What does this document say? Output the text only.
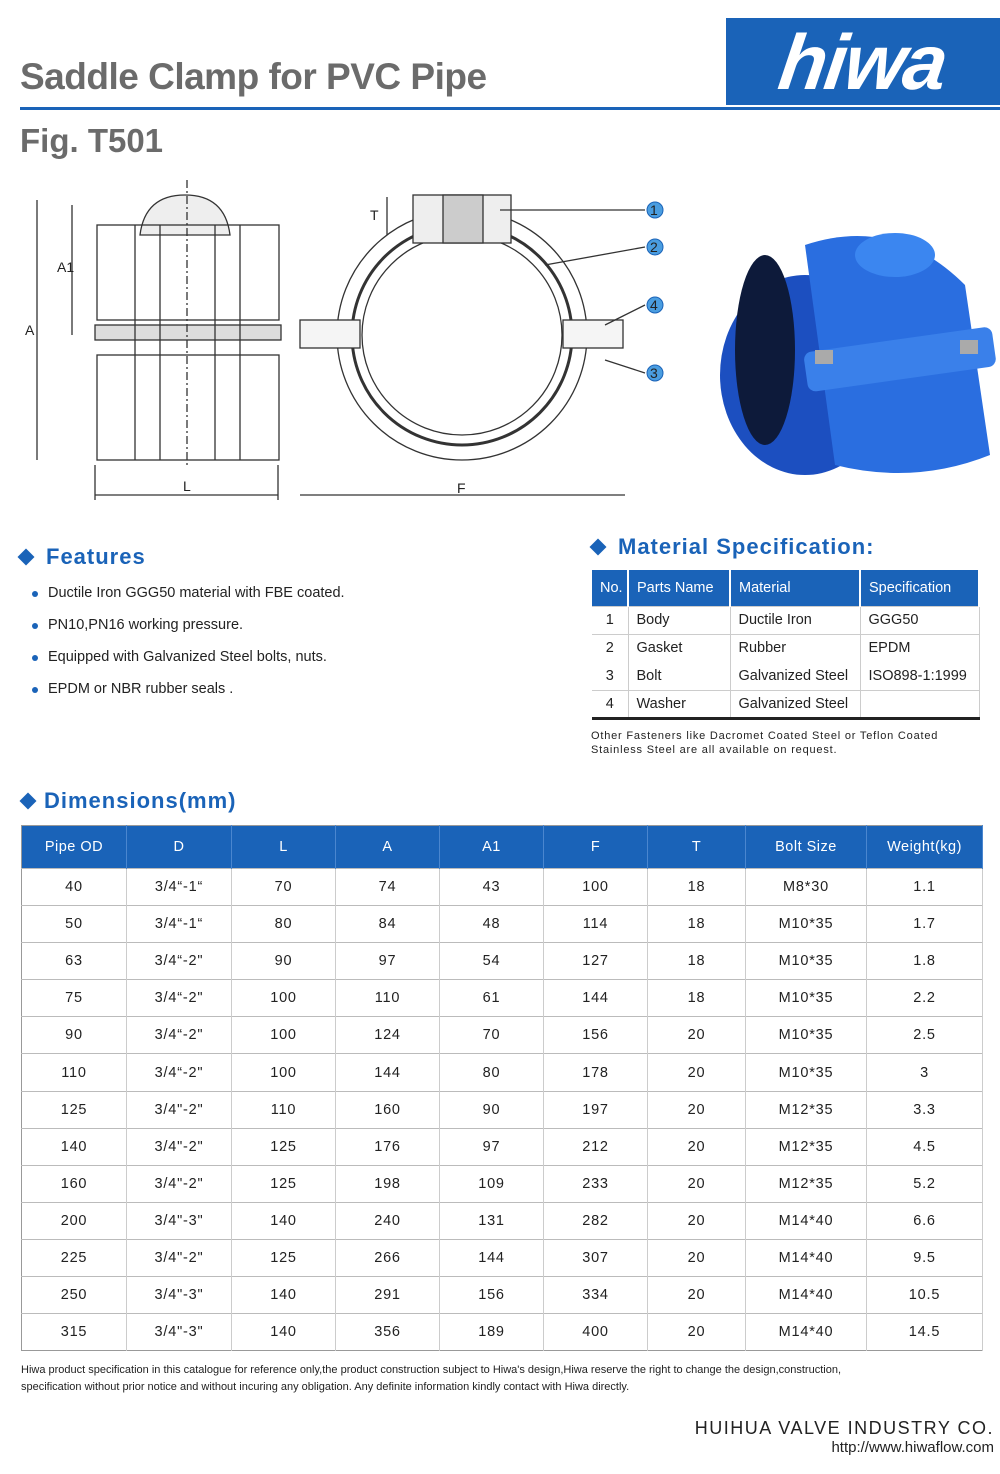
Saddle Clamp for PVC Pipe	hiwa
Fig. T501
A
A1
L
T
F
1
2
4
3
Features
Ductile Iron GGG50 material with FBE coated.
PN10,PN16 working pressure.
Equipped with Galvanized Steel bolts, nuts.
EPDM or NBR rubber seals .
Material Specification:
No.	Parts Name	Material	Specification
1	Body	Ductile Iron	GGG50
2	Gasket	Rubber	EPDM
3	Bolt	Galvanized Steel	ISO898-1:1999
4	Washer	Galvanized Steel	
Other Fasteners like Dacromet Coated Steel or Teflon Coated
Stainless Steel are all available on request.
Dimensions(mm)
Pipe OD	D	L	A	A1	F	T	Bolt Size	Weight(kg)
40	3/4“-1“	70	74	43	100	18	M8*30	1.1
50	3/4“-1“	80	84	48	114	18	M10*35	1.7
63	3/4“-2"	90	97	54	127	18	M10*35	1.8
75	3/4“-2"	100	110	61	144	18	M10*35	2.2
90	3/4“-2"	100	124	70	156	20	M10*35	2.5
110	3/4“-2"	100	144	80	178	20	M10*35	3
125	3/4"-2"	110	160	90	197	20	M12*35	3.3
140	3/4"-2"	125	176	97	212	20	M12*35	4.5
160	3/4"-2"	125	198	109	233	20	M12*35	5.2
200	3/4"-3"	140	240	131	282	20	M14*40	6.6
225	3/4"-2"	125	266	144	307	20	M14*40	9.5
250	3/4"-3"	140	291	156	334	20	M14*40	10.5
315	3/4"-3"	140	356	189	400	20	M14*40	14.5
Hiwa product specification in this catalogue for reference only,the product construction subject to Hiwa's design,Hiwa reserve the right to change the design,construction,
specification without prior notice and without incuring any obligation. Any definite information kindly contact with Hiwa directly.
HUIHUA VALVE INDUSTRY CO.
http://www.hiwaflow.com
